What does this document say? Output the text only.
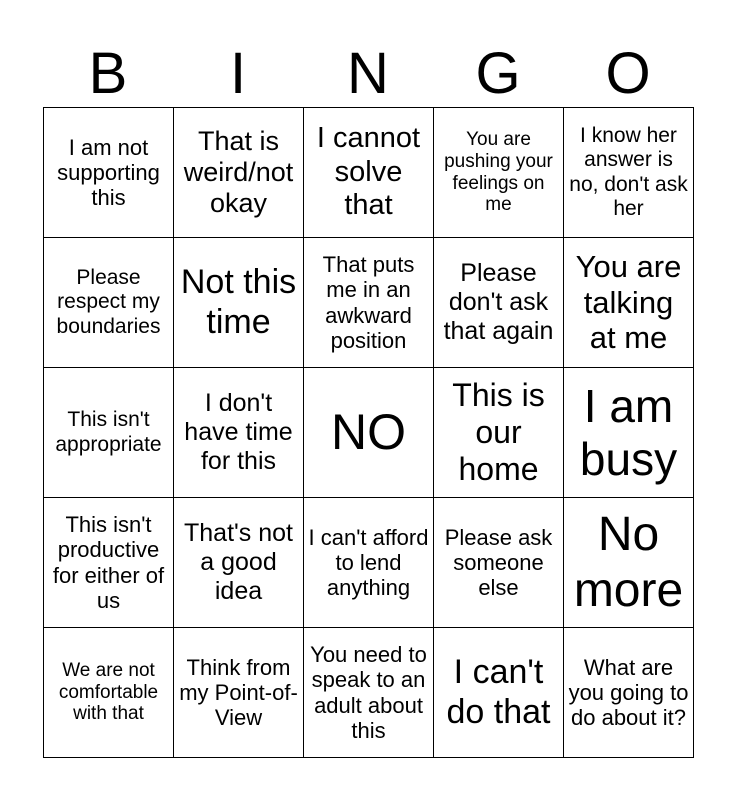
B	I	N	G	O
I am not supporting this	That is weird/not okay	I cannot solve that	You are pushing your feelings on me	I know her answer is no, don't ask her
Please respect my boundaries	Not this time	That puts me in an awkward position	Please don't ask that again	You are talking at me
This isn't appropriate	I don't have time for this	NO	This is our home	I am busy
This isn't productive for either of us	That's not a good idea	I can't afford to lend anything	Please ask someone else	No more
We are not comfortable with that	Think from my Point-of-View	You need to speak to an adult about this	I can't do that	What are you going to do about it?
